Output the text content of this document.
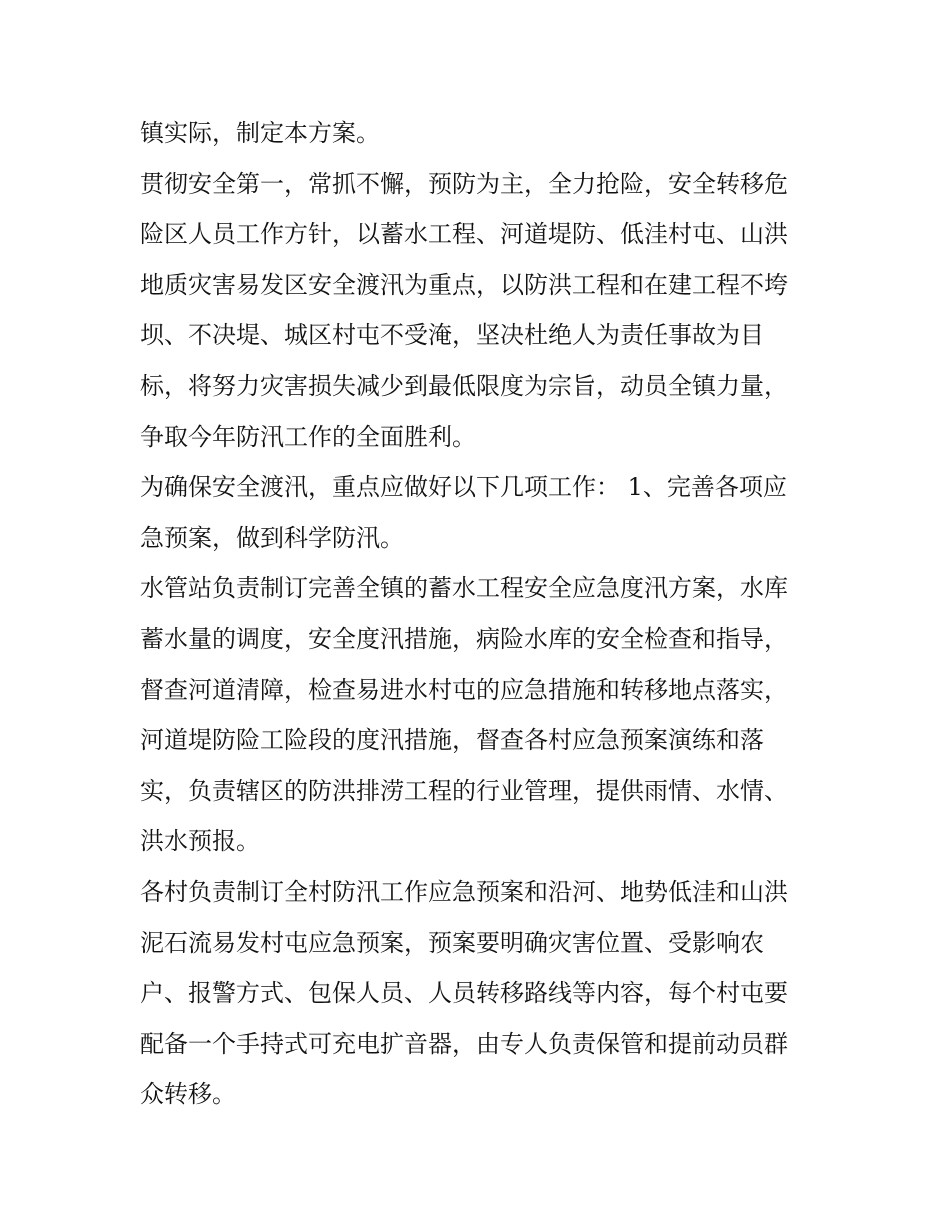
镇实际，制定本方案。

贯彻安全第一，常抓不懈，预防为主，全力抢险，安全转移危
险区人员工作方针，以蓄水工程、河道堤防、低洼村屯、山洪
地质灾害易发区安全渡汛为重点，以防洪工程和在建工程不垮
坝、不决堤、城区村屯不受淹，坚决杜绝人为责任事故为目
标，将努力灾害损失减少到最低限度为宗旨，动员全镇力量，
争取今年防汛工作的全面胜利。

为确保安全渡汛，重点应做好以下几项工作： 1、完善各项应
急预案，做到科学防汛。

水管站负责制订完善全镇的蓄水工程安全应急度汛方案，水库
蓄水量的调度，安全度汛措施，病险水库的安全检查和指导，
督查河道清障，检查易进水村屯的应急措施和转移地点落实，
河道堤防险工险段的度汛措施，督查各村应急预案演练和落
实，负责辖区的防洪排涝工程的行业管理，提供雨情、水情、
洪水预报。

各村负责制订全村防汛工作应急预案和沿河、地势低洼和山洪
泥石流易发村屯应急预案，预案要明确灾害位置、受影响农
户、报警方式、包保人员、人员转移路线等内容，每个村屯要
配备一个手持式可充电扩音器，由专人负责保管和提前动员群
众转移。
